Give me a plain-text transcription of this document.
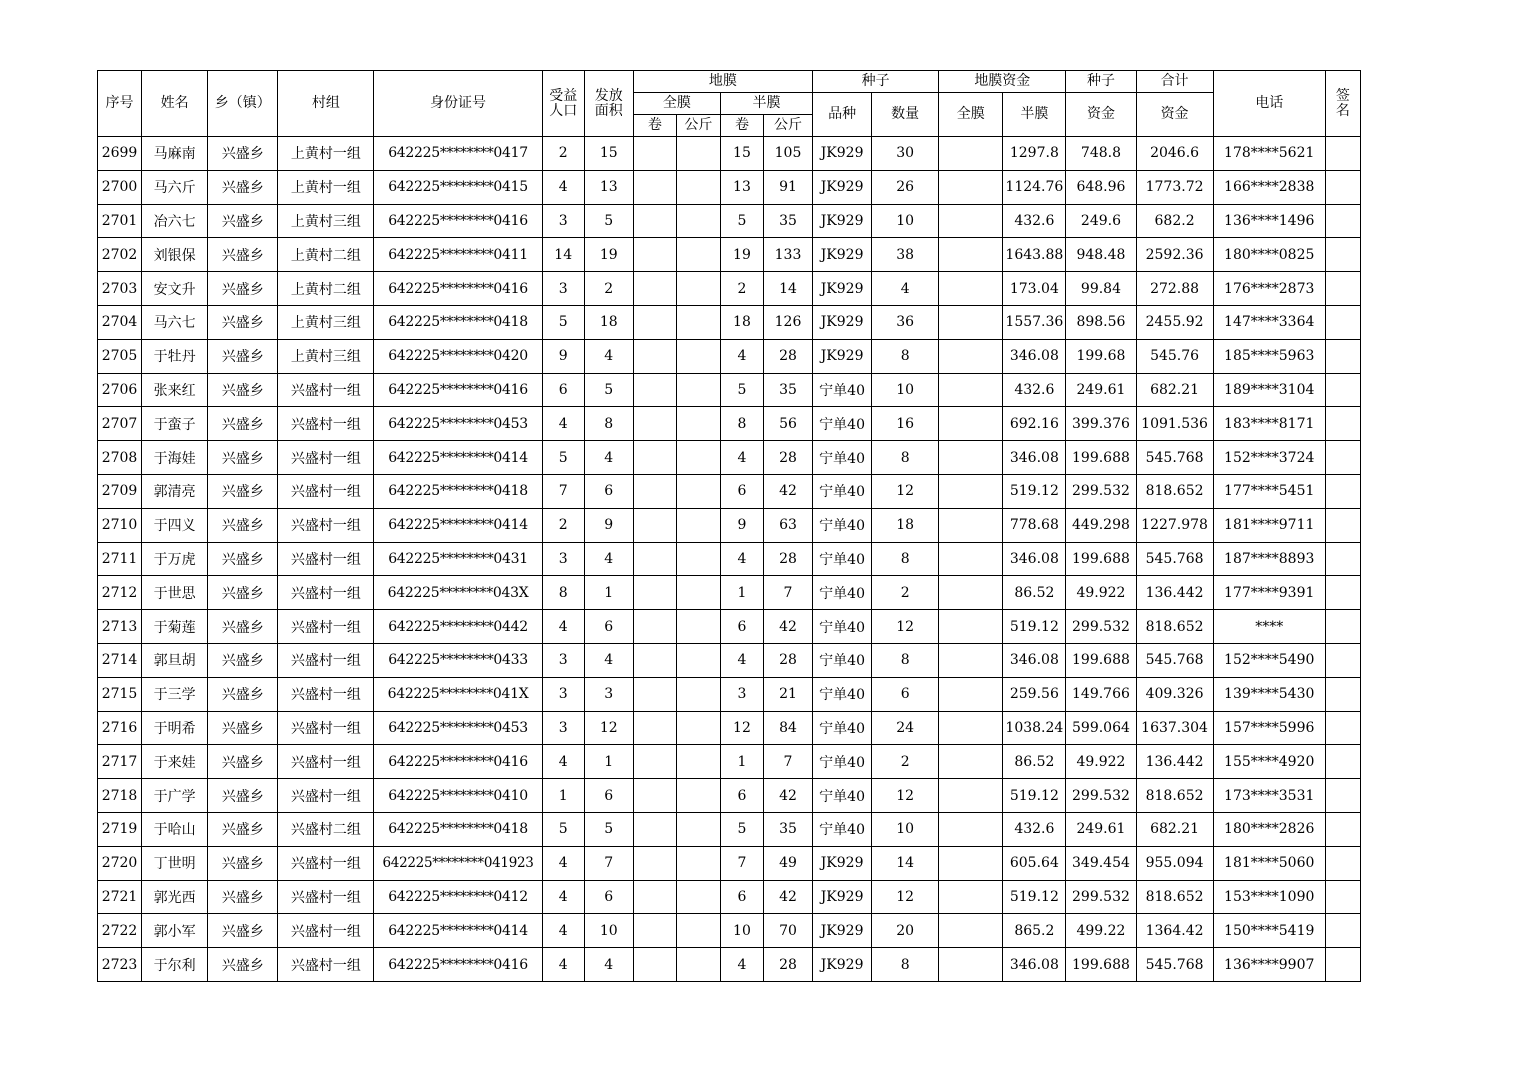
序号	姓名	乡（镇）	村组	身份证号	受益
人口	发放
面积	地膜				种子		地膜资金		种子	合计	电话	签
名
							全膜		半膜		品种	数量	全膜	半膜	资金	资金		
							卷	公斤	卷	公斤								
2699	马麻南	兴盛乡	上黄村一组	642225********0417	2	15			15	105	JK929	30		1297.8	748.8	2046.6	178****5621	
2700	马六斤	兴盛乡	上黄村一组	642225********0415	4	13			13	91	JK929	26		1124.76	648.96	1773.72	166****2838	
2701	冶六七	兴盛乡	上黄村三组	642225********0416	3	5			5	35	JK929	10		432.6	249.6	682.2	136****1496	
2702	刘银保	兴盛乡	上黄村二组	642225********0411	14	19			19	133	JK929	38		1643.88	948.48	2592.36	180****0825	
2703	安文升	兴盛乡	上黄村二组	642225********0416	3	2			2	14	JK929	4		173.04	99.84	272.88	176****2873	
2704	马六七	兴盛乡	上黄村三组	642225********0418	5	18			18	126	JK929	36		1557.36	898.56	2455.92	147****3364	
2705	于牡丹	兴盛乡	上黄村三组	642225********0420	9	4			4	28	JK929	8		346.08	199.68	545.76	185****5963	
2706	张来红	兴盛乡	兴盛村一组	642225********0416	6	5			5	35	宁单40	10		432.6	249.61	682.21	189****3104	
2707	于蛮子	兴盛乡	兴盛村一组	642225********0453	4	8			8	56	宁单40	16		692.16	399.376	1091.536	183****8171	
2708	于海娃	兴盛乡	兴盛村一组	642225********0414	5	4			4	28	宁单40	8		346.08	199.688	545.768	152****3724	
2709	郭清亮	兴盛乡	兴盛村一组	642225********0418	7	6			6	42	宁单40	12		519.12	299.532	818.652	177****5451	
2710	于四义	兴盛乡	兴盛村一组	642225********0414	2	9			9	63	宁单40	18		778.68	449.298	1227.978	181****9711	
2711	于万虎	兴盛乡	兴盛村一组	642225********0431	3	4			4	28	宁单40	8		346.08	199.688	545.768	187****8893	
2712	于世思	兴盛乡	兴盛村一组	642225********043X	8	1			1	7	宁单40	2		86.52	49.922	136.442	177****9391	
2713	于菊莲	兴盛乡	兴盛村一组	642225********0442	4	6			6	42	宁单40	12		519.12	299.532	818.652	****	
2714	郭旦胡	兴盛乡	兴盛村一组	642225********0433	3	4			4	28	宁单40	8		346.08	199.688	545.768	152****5490	
2715	于三学	兴盛乡	兴盛村一组	642225********041X	3	3			3	21	宁单40	6		259.56	149.766	409.326	139****5430	
2716	于明希	兴盛乡	兴盛村一组	642225********0453	3	12			12	84	宁单40	24		1038.24	599.064	1637.304	157****5996	
2717	于来娃	兴盛乡	兴盛村一组	642225********0416	4	1			1	7	宁单40	2		86.52	49.922	136.442	155****4920	
2718	于广学	兴盛乡	兴盛村一组	642225********0410	1	6			6	42	宁单40	12		519.12	299.532	818.652	173****3531	
2719	于哈山	兴盛乡	兴盛村二组	642225********0418	5	5			5	35	宁单40	10		432.6	249.61	682.21	180****2826	
2720	丁世明	兴盛乡	兴盛村一组	642225********041923	4	7			7	49	JK929	14		605.64	349.454	955.094	181****5060	
2721	郭光西	兴盛乡	兴盛村一组	642225********0412	4	6			6	42	JK929	12		519.12	299.532	818.652	153****1090	
2722	郭小军	兴盛乡	兴盛村一组	642225********0414	4	10			10	70	JK929	20		865.2	499.22	1364.42	150****5419	
2723	于尔利	兴盛乡	兴盛村一组	642225********0416	4	4			4	28	JK929	8		346.08	199.688	545.768	136****9907	
